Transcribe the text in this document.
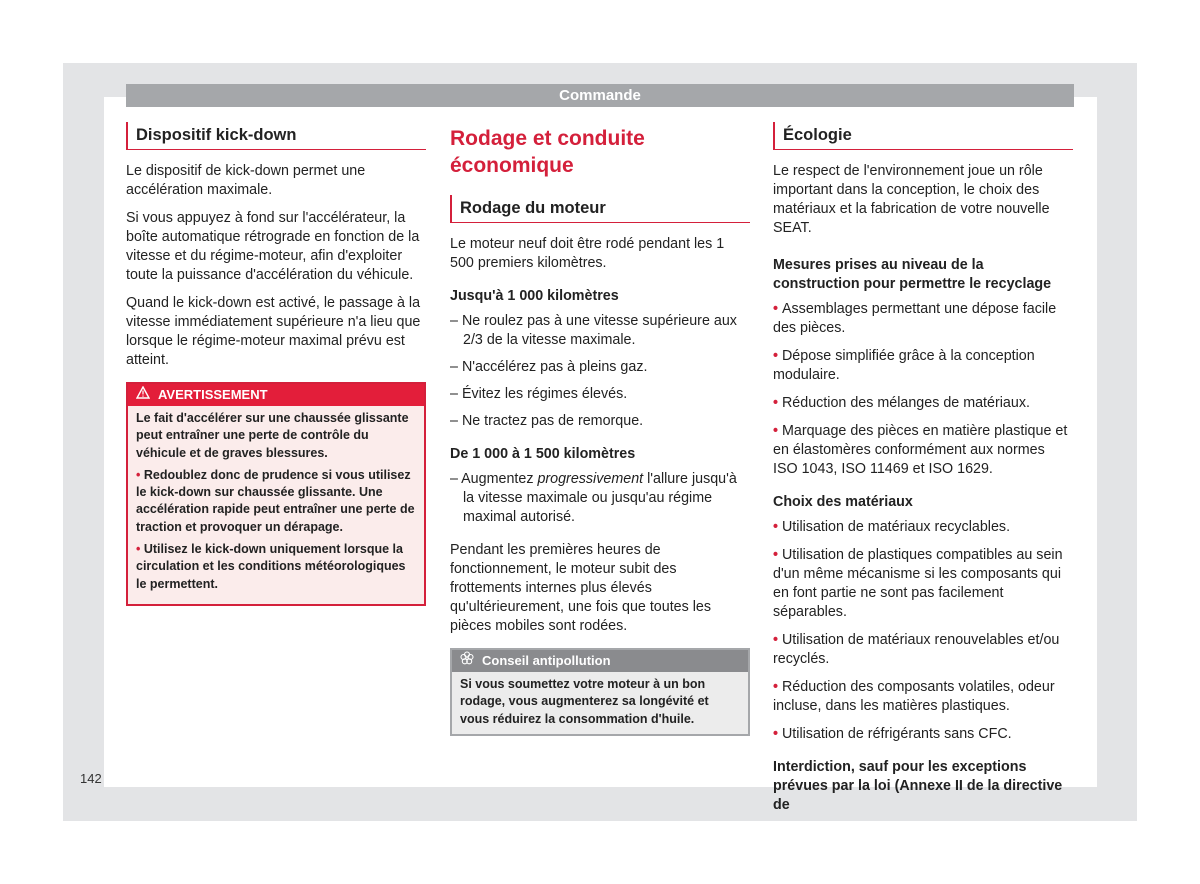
Commande
142
Dispositif kick-down

Le dispositif de kick-down permet une accélération maximale.

Si vous appuyez à fond sur l'accélérateur, la boîte automatique rétrograde en fonction de la vitesse et du régime-moteur, afin d'exploiter toute la puissance d'accélération du véhicule.

Quand le kick-down est activé, le passage à la vitesse immédiatement supérieure n'a lieu que lorsque le régime-moteur maximal prévu est atteint.

AVERTISSEMENT

Le fait d'accélérer sur une chaussée glissante peut entraîner une perte de contrôle du véhicule et de graves blessures.

• Redoublez donc de prudence si vous utilisez le kick-down sur chaussée glissante. Une accélération rapide peut entraîner une perte de traction et provoquer un dérapage.

• Utilisez le kick-down uniquement lorsque la circulation et les conditions météorologiques le permettent.

Rodage et conduite économique
Rodage du moteur

Le moteur neuf doit être rodé pendant les 1 500 premiers kilomètres.

Jusqu'à 1 000 kilomètres
– Ne roulez pas à une vitesse supérieure aux 2/3 de la vitesse maximale.
– N'accélérez pas à pleins gaz.
– Évitez les régimes élevés.
– Ne tractez pas de remorque.
De 1 000 à 1 500 kilomètres
– Augmentez progressivement l'allure jusqu'à la vitesse maximale ou jusqu'au régime maximal autorisé.

Pendant les premières heures de fonctionnement, le moteur subit des frottements internes plus élevés qu'ultérieurement, une fois que toutes les pièces mobiles sont rodées.

Conseil antipollution
Si vous soumettez votre moteur à un bon rodage, vous augmenterez sa longévité et vous réduirez la consommation d'huile.
Écologie

Le respect de l'environnement joue un rôle important dans la conception, le choix des matériaux et la fabrication de votre nouvelle SEAT.

Mesures prises au niveau de la construction pour permettre le recyclage

• Assemblages permettant une dépose facile des pièces.

• Dépose simplifiée grâce à la conception modulaire.

• Réduction des mélanges de matériaux.

• Marquage des pièces en matière plastique et en élastomères conformément aux normes ISO 1043, ISO 11469 et ISO 1629.

Choix des matériaux

• Utilisation de matériaux recyclables.

• Utilisation de plastiques compatibles au sein d'un même mécanisme si les composants qui en font partie ne sont pas facilement séparables.

• Utilisation de matériaux renouvelables et/ou recyclés.

• Réduction des composants volatiles, odeur incluse, dans les matières plastiques.

• Utilisation de réfrigérants sans CFC.

Interdiction, sauf pour les exceptions prévues par la loi (Annexe II de la directive de
